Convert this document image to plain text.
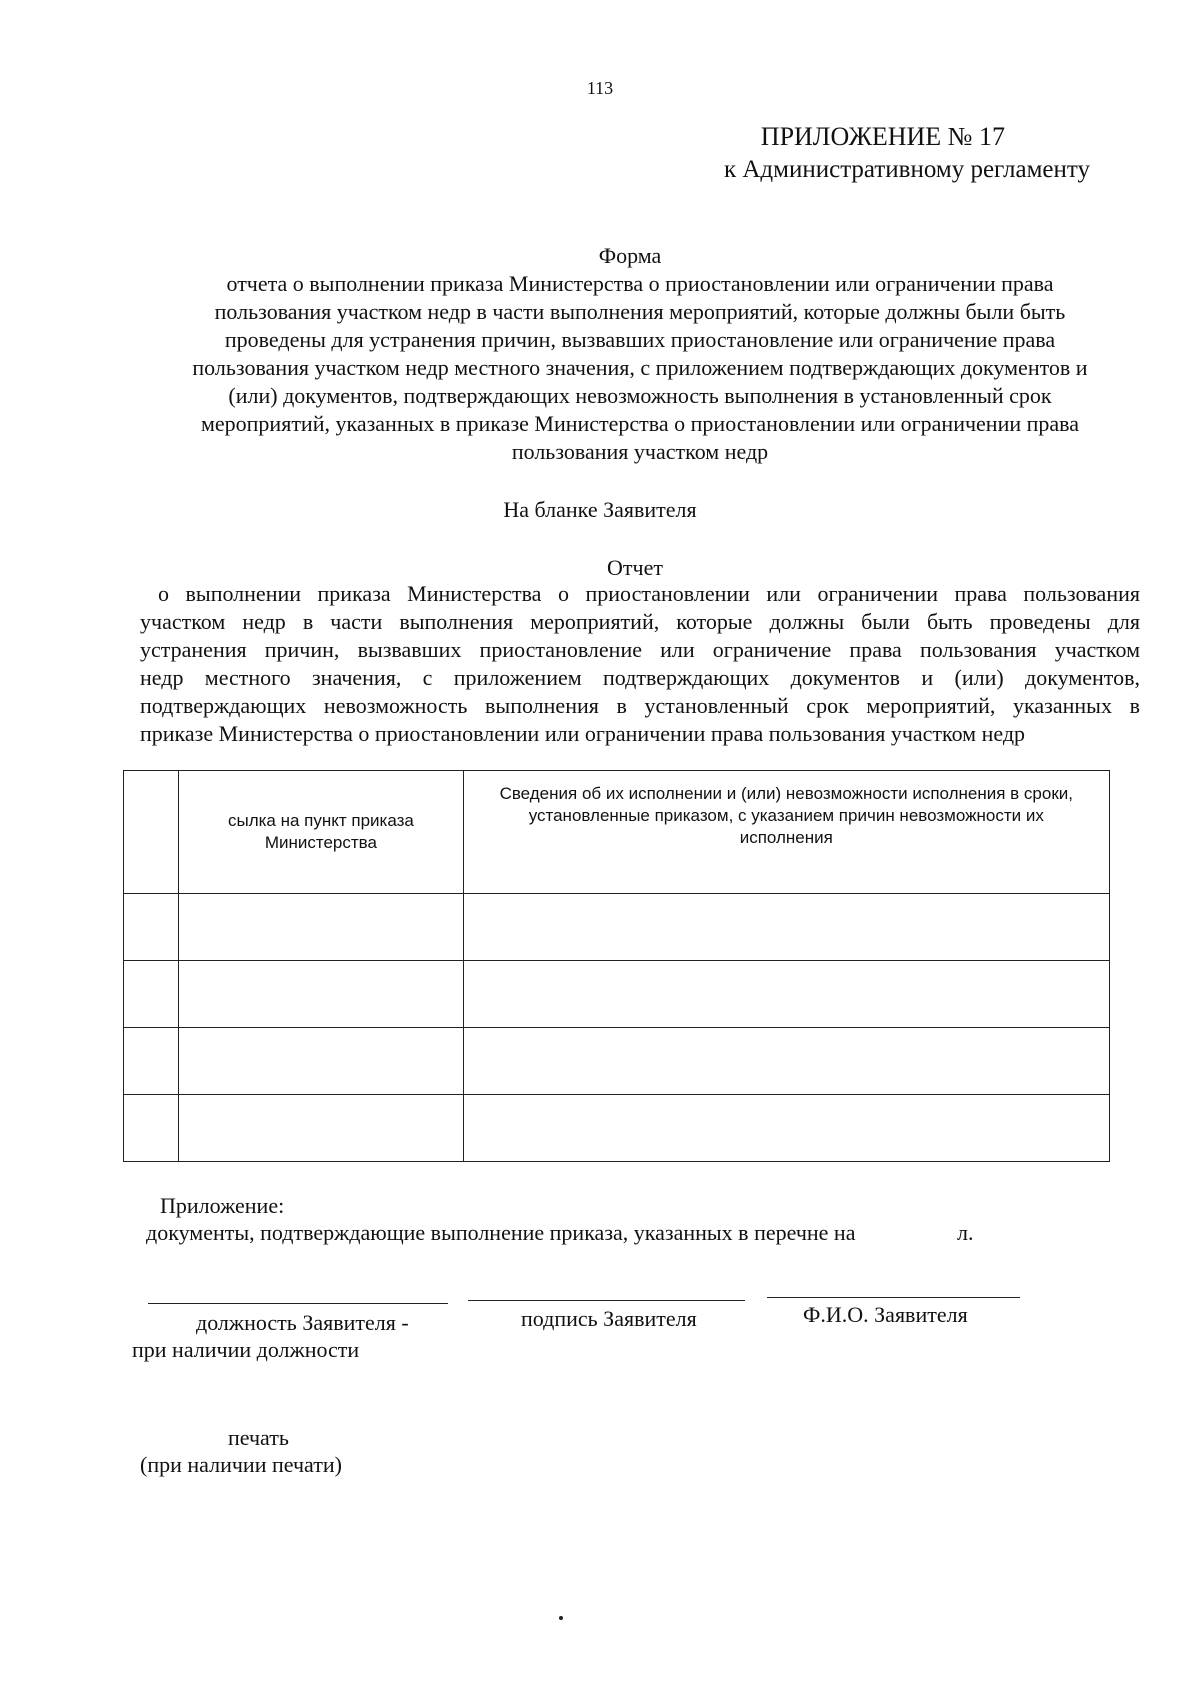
113
ПРИЛОЖЕНИЕ № 17
к Административному регламенту
Форма
отчета о выполнении приказа Министерства о приостановлении или ограничении права
пользования участком недр в части выполнения мероприятий, которые должны были быть
проведены для устранения причин, вызвавших приостановление или ограничение права
пользования участком недр местного значения, с приложением подтверждающих документов и
(или) документов, подтверждающих невозможность выполнения в установленный срок
мероприятий, указанных в приказе Министерства о приостановлении или ограничении права
пользования участком недр
На бланке Заявителя
Отчет
о выполнении приказа Министерства о приостановлении или ограничении права пользования
участком недр в части выполнения мероприятий, которые должны были быть проведены для
устранения причин, вызвавших приостановление или ограничение права пользования участком
недр местного значения, с приложением подтверждающих документов и (или) документов,
подтверждающих невозможность выполнения в установленный срок мероприятий, указанных в
приказе Министерства о приостановлении или ограничении права пользования участком недр

	сылка на пункт приказа Министерства	Сведения об их исполнении и (или) невозможности исполнения в сроки, установленные приказом, с указанием причин невозможности их исполнения

Приложение:
документы, подтверждающие выполнение приказа, указанных в перечне на	л.
должность Заявителя -
при наличии должности
подпись Заявителя	Ф.И.О. Заявителя
печать
(при наличии печати)
